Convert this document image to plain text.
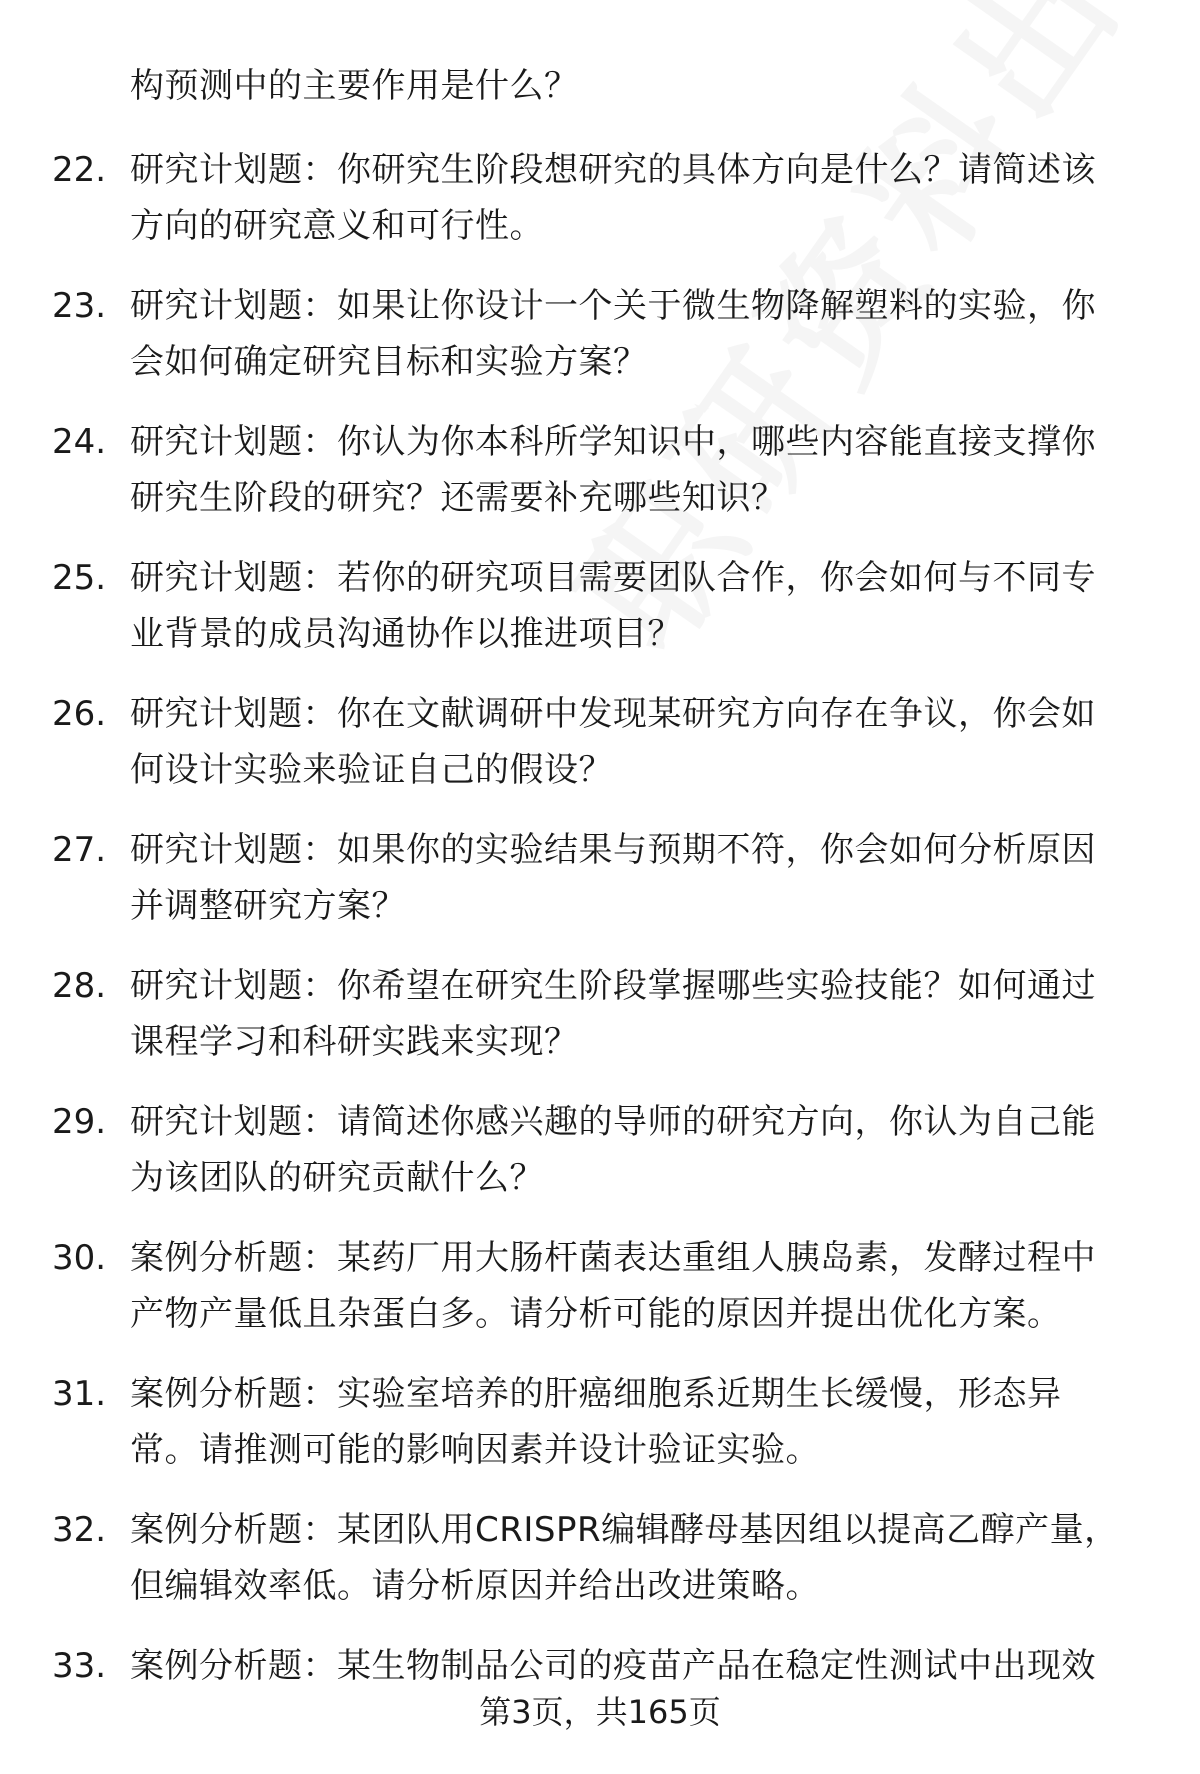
构预测中的主要作用是什么？
22. 研究计划题：你研究生阶段想研究的具体方向是什么？请简述该
方向的研究意义和可行性。
23. 研究计划题：如果让你设计一个关于微生物降解塑料的实验，你
会如何确定研究目标和实验方案？
24. 研究计划题：你认为你本科所学知识中，哪些内容能直接支撑你
研究生阶段的研究？还需要补充哪些知识？
25. 研究计划题：若你的研究项目需要团队合作，你会如何与不同专
业背景的成员沟通协作以推进项目？
26. 研究计划题：你在文献调研中发现某研究方向存在争议，你会如
何设计实验来验证自己的假设？
27. 研究计划题：如果你的实验结果与预期不符，你会如何分析原因
并调整研究方案？
28. 研究计划题：你希望在研究生阶段掌握哪些实验技能？如何通过
课程学习和科研实践来实现？
29. 研究计划题：请简述你感兴趣的导师的研究方向，你认为自己能
为该团队的研究贡献什么？
30. 案例分析题：某药厂用大肠杆菌表达重组人胰岛素，发酵过程中
产物产量低且杂蛋白多。请分析可能的原因并提出优化方案。
31. 案例分析题：实验室培养的肝癌细胞系近期生长缓慢，形态异
常。请推测可能的影响因素并设计验证实验。
32. 案例分析题：某团队用CRISPR编辑酵母基因组以提高乙醇产量，
但编辑效率低。请分析原因并给出改进策略。
33. 案例分析题：某生物制品公司的疫苗产品在稳定性测试中出现效
第3页，共165页
